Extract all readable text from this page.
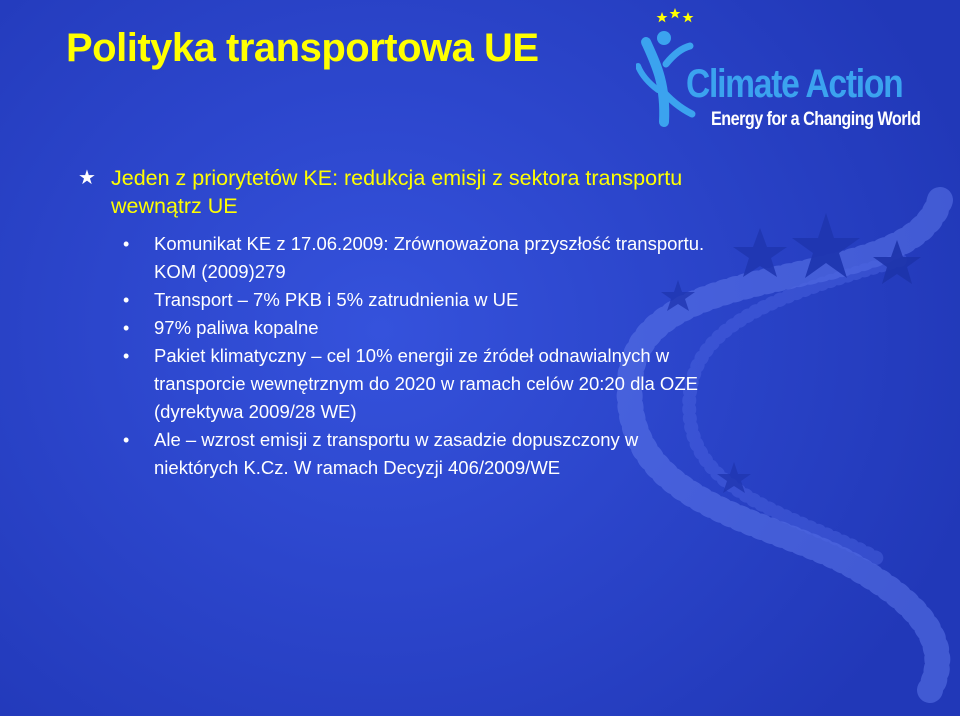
Polityka transportowa UE
Climate Action
Energy for a Changing World
★ Jeden z priorytetów KE: redukcja emisji z sektora transportu
wewnątrz UE
• Komunikat KE z 17.06.2009: Zrównoważona przyszłość transportu.
KOM (2009)279
• Transport – 7% PKB i 5% zatrudnienia w UE
• 97% paliwa kopalne
• Pakiet klimatyczny – cel 10% energii ze źródeł odnawialnych w
transporcie wewnętrznym do 2020 w ramach celów 20:20 dla OZE
(dyrektywa 2009/28 WE)
• Ale – wzrost emisji z transportu w zasadzie dopuszczony w
niektórych K.Cz. W ramach Decyzji 406/2009/WE
